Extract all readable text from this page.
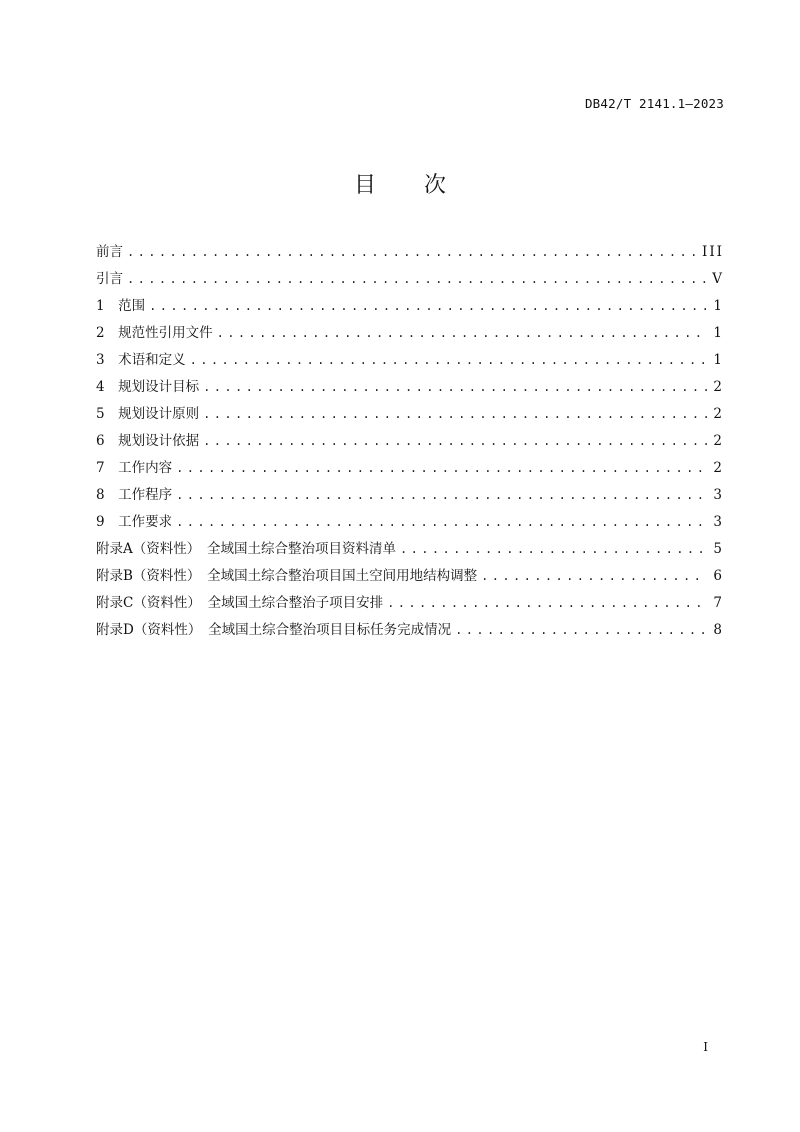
DB42/T 2141.1—2023
目 次
前言 .....	III
引言 .....	V
1　范围 .....	1
2　规范性引用文件 .....	1
3　术语和定义 .....	1
4　规划设计目标 .....	2
5　规划设计原则 .....	2
6　规划设计依据 .....	2
7　工作内容 .....	2
8　工作程序 .....	3
9　工作要求 .....	3
附录A（资料性）　全域国土综合整治项目资料清单 .....	5
附录B（资料性）　全域国土综合整治项目国土空间用地结构调整 .....	6
附录C（资料性）　全域国土综合整治子项目安排 .....	7
附录D（资料性）　全域国土综合整治项目目标任务完成情况 .....	8
I
